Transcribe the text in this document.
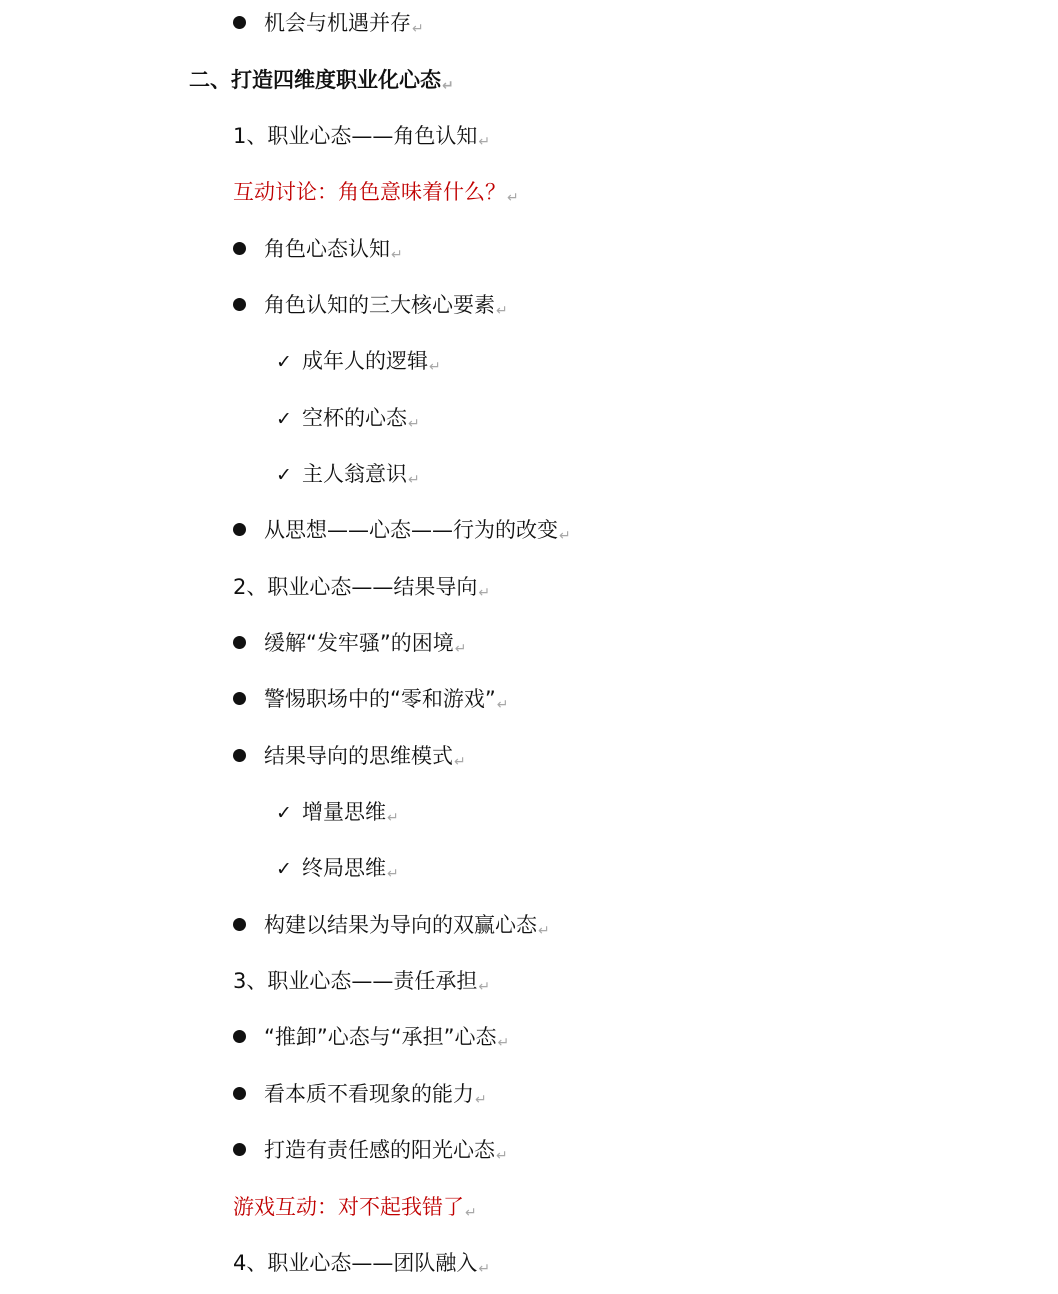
机会与机遇并存↵
二、打造四维度职业化心态↵
1、职业心态——角色认知↵
互动讨论：角色意味着什么？↵
角色心态认知↵
角色认知的三大核心要素↵
✓ 成年人的逻辑↵
✓ 空杯的心态↵
✓ 主人翁意识↵
从思想——心态——行为的改变↵
2、职业心态——结果导向↵
缓解“发牢骚”的困境↵
警惕职场中的“零和游戏”↵
结果导向的思维模式↵
✓ 增量思维↵
✓ 终局思维↵
构建以结果为导向的双赢心态↵
3、职业心态——责任承担↵
“推卸”心态与“承担”心态↵
看本质不看现象的能力↵
打造有责任感的阳光心态↵
游戏互动：对不起我错了↵
4、职业心态——团队融入↵
